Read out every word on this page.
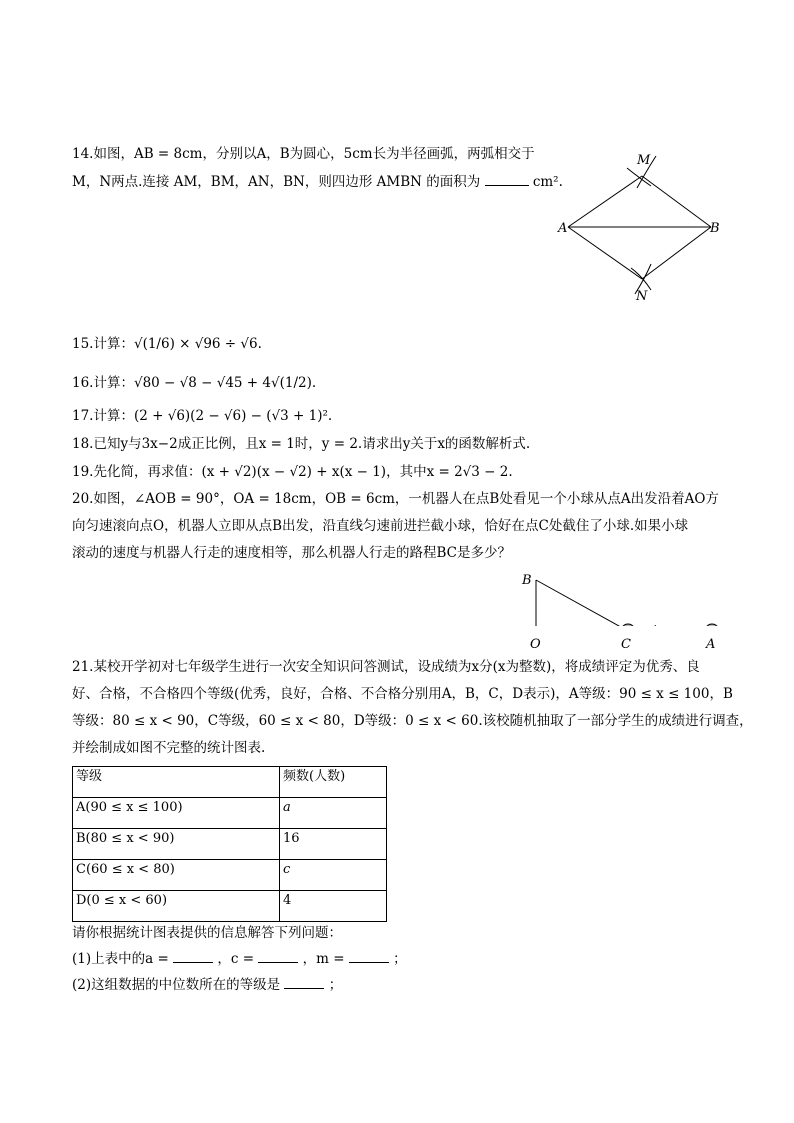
14.如图，AB = 8cm，分别以A，B为圆心，5cm长为半径画弧，两弧相交于
M，N两点.连接 AM，BM，AN，BN，则四边形 AMBN 的面积为	cm².
M
A	B
N
15.计算：√(1/6) × √96 ÷ √6.
16.计算：√80 − √8 − √45 + 4√(1/2).
17.计算：(2 + √6)(2 − √6) − (√3 + 1)².
18.已知y与3x−2成正比例，且x = 1时，y = 2.请求出y关于x的函数解析式.
19.先化简，再求值：(x + √2)(x − √2) + x(x − 1)，其中x = 2√3 − 2.
20.如图，∠AOB = 90°，OA = 18cm，OB = 6cm，一机器人在点B处看见一个小球从点A出发沿着AO方
向匀速滚向点O，机器人立即从点B出发，沿直线匀速前进拦截小球，恰好在点C处截住了小球.如果小球
滚动的速度与机器人行走的速度相等，那么机器人行走的路程BC是多少？
B
O	C	A
21.某校开学初对七年级学生进行一次安全知识问答测试，设成绩为x分(x为整数)，将成绩评定为优秀、良
好、合格，不合格四个等级(优秀，良好，合格、不合格分别用A，B，C，D表示)，A等级：90 ≤ x ≤ 100，B
等级：80 ≤ x < 90，C等级，60 ≤ x < 80，D等级：0 ≤ x < 60.该校随机抽取了一部分学生的成绩进行调查，
并绘制成如图不完整的统计图表.
等级	频数(人数)
A(90 ≤ x ≤ 100)	a
B(80 ≤ x < 90)	16
C(60 ≤ x < 80)	c
D(0 ≤ x < 60)	4
请你根据统计图表提供的信息解答下列问题：
(1)上表中的a =	，c =	，m =	；
(2)这组数据的中位数所在的等级是	；
